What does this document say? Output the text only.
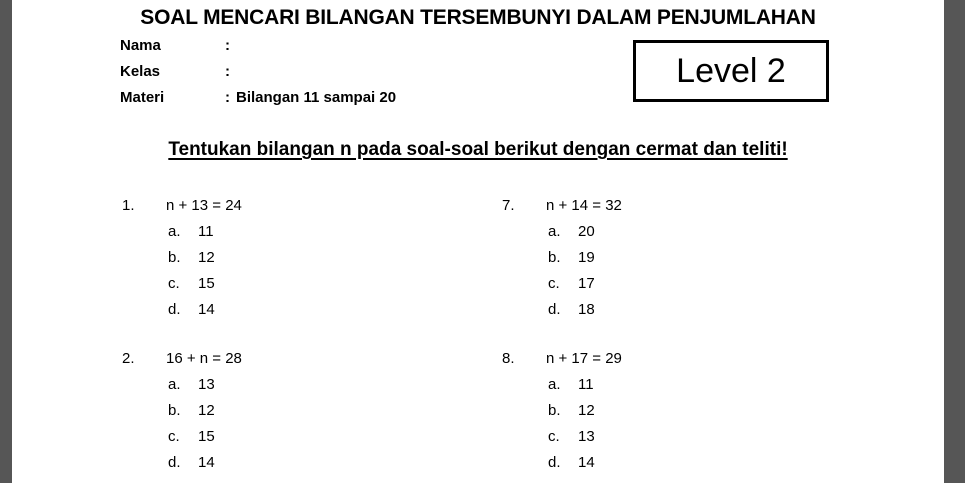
SOAL MENCARI BILANGAN TERSEMBUNYI DALAM PENJUMLAHAN
Nama	:
Kelas	:
Materi	: Bilangan 11 sampai 20
Level 2
Tentukan bilangan n pada soal-soal berikut dengan cermat dan teliti!
1.	n + 13 = 24
a.	11
b.	12
c.	15
d.	14
2.	16 + n = 28
a.	13
b.	12
c.	15
d.	14
7.	n + 14 = 32
a.	20
b.	19
c.	17
d.	18
8.	n + 17 = 29
a.	11
b.	12
c.	13
d.	14
